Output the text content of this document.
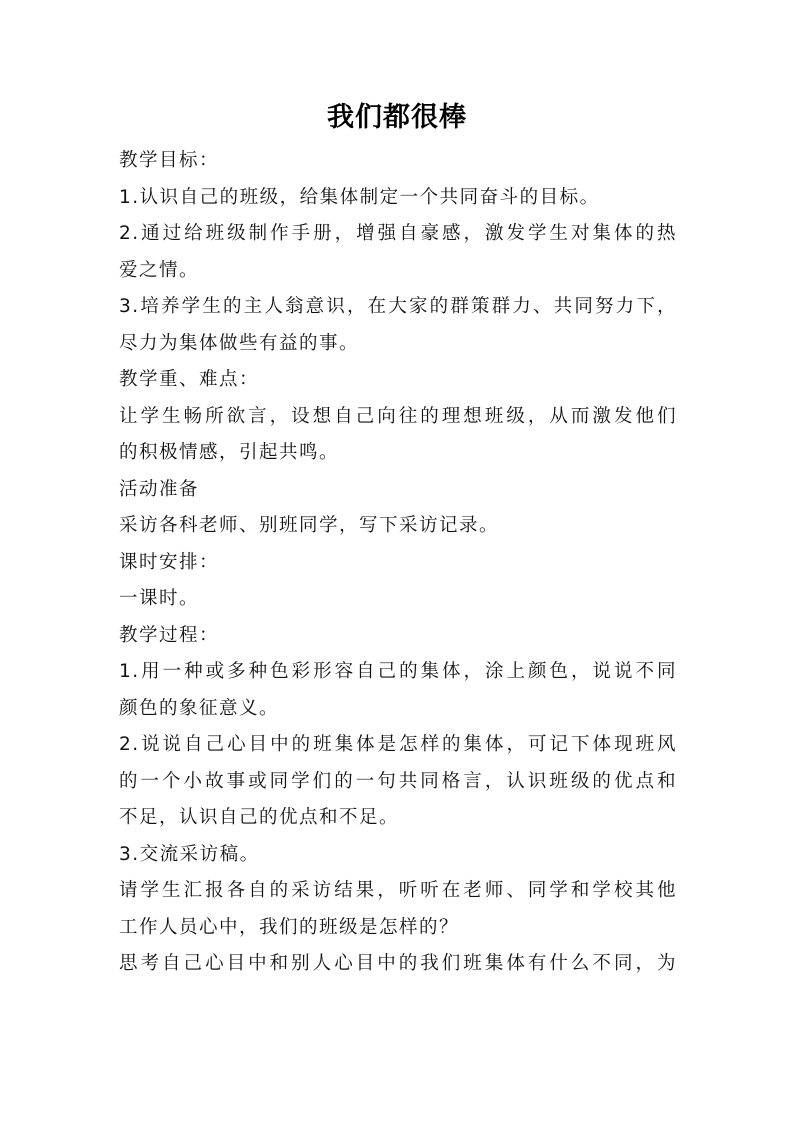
我们都很棒
教学目标：
1.认识自己的班级，给集体制定一个共同奋斗的目标。
2.通过给班级制作手册，增强自豪感，激发学生对集体的热
爱之情。
3.培养学生的主人翁意识，在大家的群策群力、共同努力下，
尽力为集体做些有益的事。
教学重、难点：
让学生畅所欲言，设想自己向往的理想班级，从而激发他们
的积极情感，引起共鸣。
活动准备
采访各科老师、别班同学，写下采访记录。
课时安排：
一课时。
教学过程：
1.用一种或多种色彩形容自己的集体，涂上颜色，说说不同
颜色的象征意义。
2.说说自己心目中的班集体是怎样的集体，可记下体现班风
的一个小故事或同学们的一句共同格言，认识班级的优点和
不足，认识自己的优点和不足。
3.交流采访稿。
请学生汇报各自的采访结果，听听在老师、同学和学校其他
工作人员心中，我们的班级是怎样的？
思考自己心目中和别人心目中的我们班集体有什么不同，为
